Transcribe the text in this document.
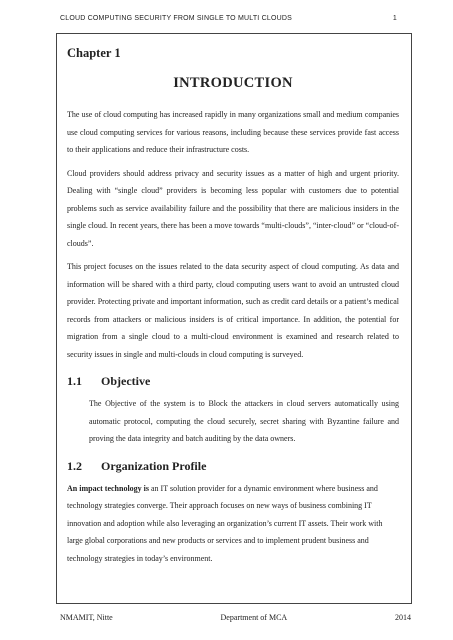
CLOUD COMPUTING SECURITY FROM SINGLE TO MULTI CLOUDS	1
Chapter 1
INTRODUCTION

The use of cloud computing has increased rapidly in many organizations small and medium companies use cloud computing services for various reasons, including because these services provide fast access to their applications and reduce their infrastructure costs.

Cloud providers should address privacy and security issues as a matter of high and urgent priority. Dealing with “single cloud” providers is becoming less popular with customers due to potential problems such as service availability failure and the possibility that there are malicious insiders in the single cloud. In recent years, there has been a move towards “multi-clouds”, “inter-cloud” or “cloud-of-clouds”.

This project focuses on the issues related to the data security aspect of cloud computing. As data and information will be shared with a third party, cloud computing users want to avoid an untrusted cloud provider. Protecting private and important information, such as credit card details or a patient’s medical records from attackers or malicious insiders is of critical importance. In addition, the potential for migration from a single cloud to a multi-cloud environment is examined and research related to security issues in single and multi-clouds in cloud computing is surveyed.

1.1	Objective

The Objective of the system is to Block the attackers in cloud servers automatically using automatic protocol, computing the cloud securely, secret sharing with Byzantine failure and proving the data integrity and batch auditing by the data owners.

1.2	Organization Profile

An impact technology is an IT solution provider for a dynamic environment where business and technology strategies converge. Their approach focuses on new ways of business combining IT innovation and adoption while also leveraging an organization’s current IT assets. Their work with large global corporations and new products or services and to implement prudent business and technology strategies in today’s environment.

NMAMIT, Nitte	Department of MCA	2014
